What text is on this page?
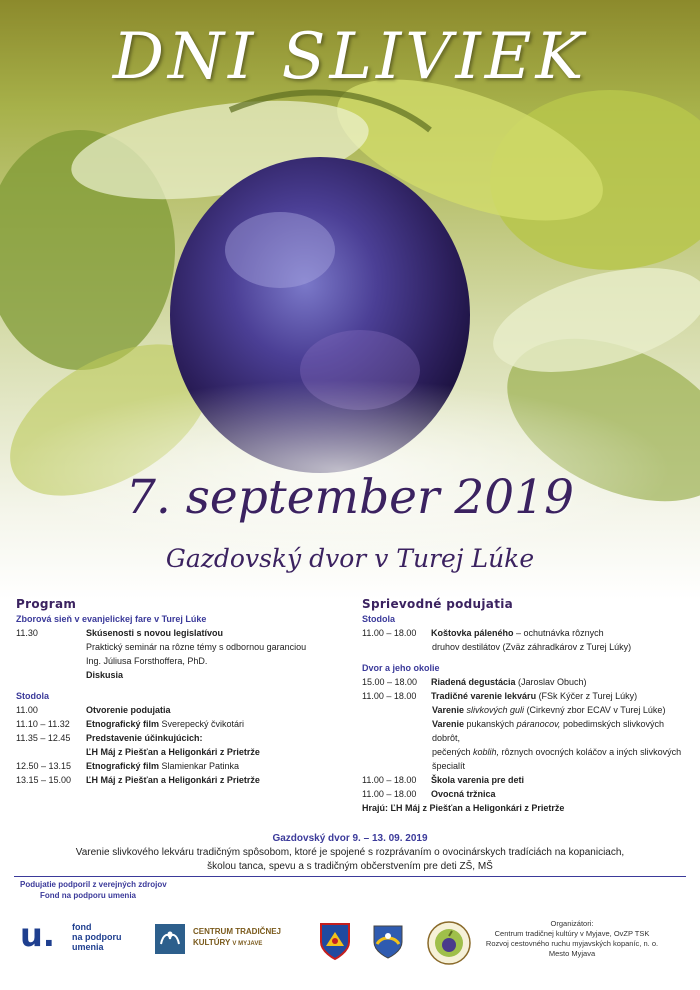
DNI SLIVIEK
7. september 2019
Gazdovský dvor v Turej Lúke
Program
Zborová sieň v evanjelickej fare v Turej Lúke
11.30	Skúsenosti s novou legislatívou
Praktický seminár na rôzne témy s odbornou garanciou
Ing. Júliusa Forsthoffera, PhD.
Diskusia
Stodola
11.00	Otvorenie podujatia
11.10 – 11.32	Etnografický film Sverepecký čvikotári
11.35 – 12.45	Predstavenie účinkujúcich:
ĽH Máj z Piešťan a Heligonkári z Prietrže
12.50 – 13.15	Etnografický film Slamienkar Patinka
13.15 – 15.00	ĽH Máj z Piešťan a Heligonkári z Prietrže
Sprievodné podujatia
Stodola
11.00 – 18.00	Koštovka páleného – ochutnávka rôznych
druhov destilátov (Zväz záhradkárov z Turej Lúky)
Dvor a jeho okolie
15.00 – 18.00	Riadená degustácia (Jaroslav Obuch)
11.00 – 18.00	Tradičné varenie lekváru (FSk Kýčer z Turej Lúky)
Varenie slivkových guli (Cirkevný zbor ECAV v Turej Lúke)
Varenie pukanských páranocov, pobedimských slivkových dobrôt,
pečených koblih, rôznych ovocných koláčov a iných slivkových
špecialít
11.00 – 18.00	Škola varenia pre deti
11.00 – 18.00	Ovocná tržnica
Hrajú: ĽH Máj z Piešťan a Heligonkári z Prietrže
Gazdovský dvor 9. – 13. 09. 2019
Varenie slivkového lekváru tradičným spôsobom, ktoré je spojené s rozprávaním o ovocinárskych tradíciách na kopaniciach,
školou tanca, spevu a s tradičným občerstvením pre deti ZŠ, MŠ
Podujatie podporil z verejných zdrojov
Fond na podporu umenia
u. fond
na podporu
umenia
CENTRUM TRADIČNEJ
KULTÚRY V MYJAVE
Organizátori:
Centrum tradičnej kultúry v Myjave, OvZP TSK
Rozvoj cestovného ruchu myjavských kopaníc, n. o.
Mesto Myjava
